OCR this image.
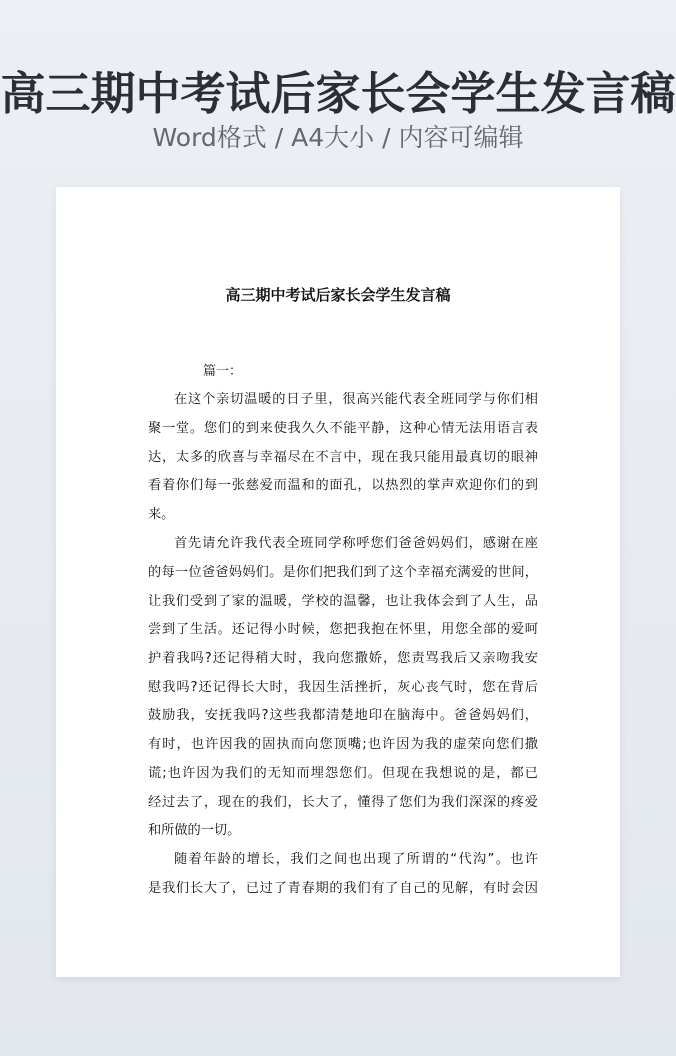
高三期中考试后家长会学生发言稿
Word格式 / A4大小 / 内容可编辑
高三期中考试后家长会学生发言稿
篇一：
在这个亲切温暖的日子里，很高兴能代表全班同学与你们相
聚一堂。您们的到来使我久久不能平静，这种心情无法用语言表
达，太多的欣喜与幸福尽在不言中，现在我只能用最真切的眼神
看着你们每一张慈爱而温和的面孔，以热烈的掌声欢迎你们的到
来。
首先请允许我代表全班同学称呼您们爸爸妈妈们，感谢在座
的每一位爸爸妈妈们。是你们把我们到了这个幸福充满爱的世间，
让我们受到了家的温暖，学校的温馨，也让我体会到了人生，品
尝到了生活。还记得小时候，您把我抱在怀里，用您全部的爱呵
护着我吗?还记得稍大时，我向您撒娇，您责骂我后又亲吻我安
慰我吗?还记得长大时，我因生活挫折，灰心丧气时，您在背后
鼓励我，安抚我吗?这些我都清楚地印在脑海中。爸爸妈妈们，
有时，也许因我的固执而向您顶嘴;也许因为我的虚荣向您们撒
谎;也许因为我们的无知而埋怨您们。但现在我想说的是，都已
经过去了，现在的我们，长大了，懂得了您们为我们深深的疼爱
和所做的一切。
随着年龄的增长，我们之间也出现了所谓的“代沟”。也许
是我们长大了，已过了青春期的我们有了自己的见解，有时会因
